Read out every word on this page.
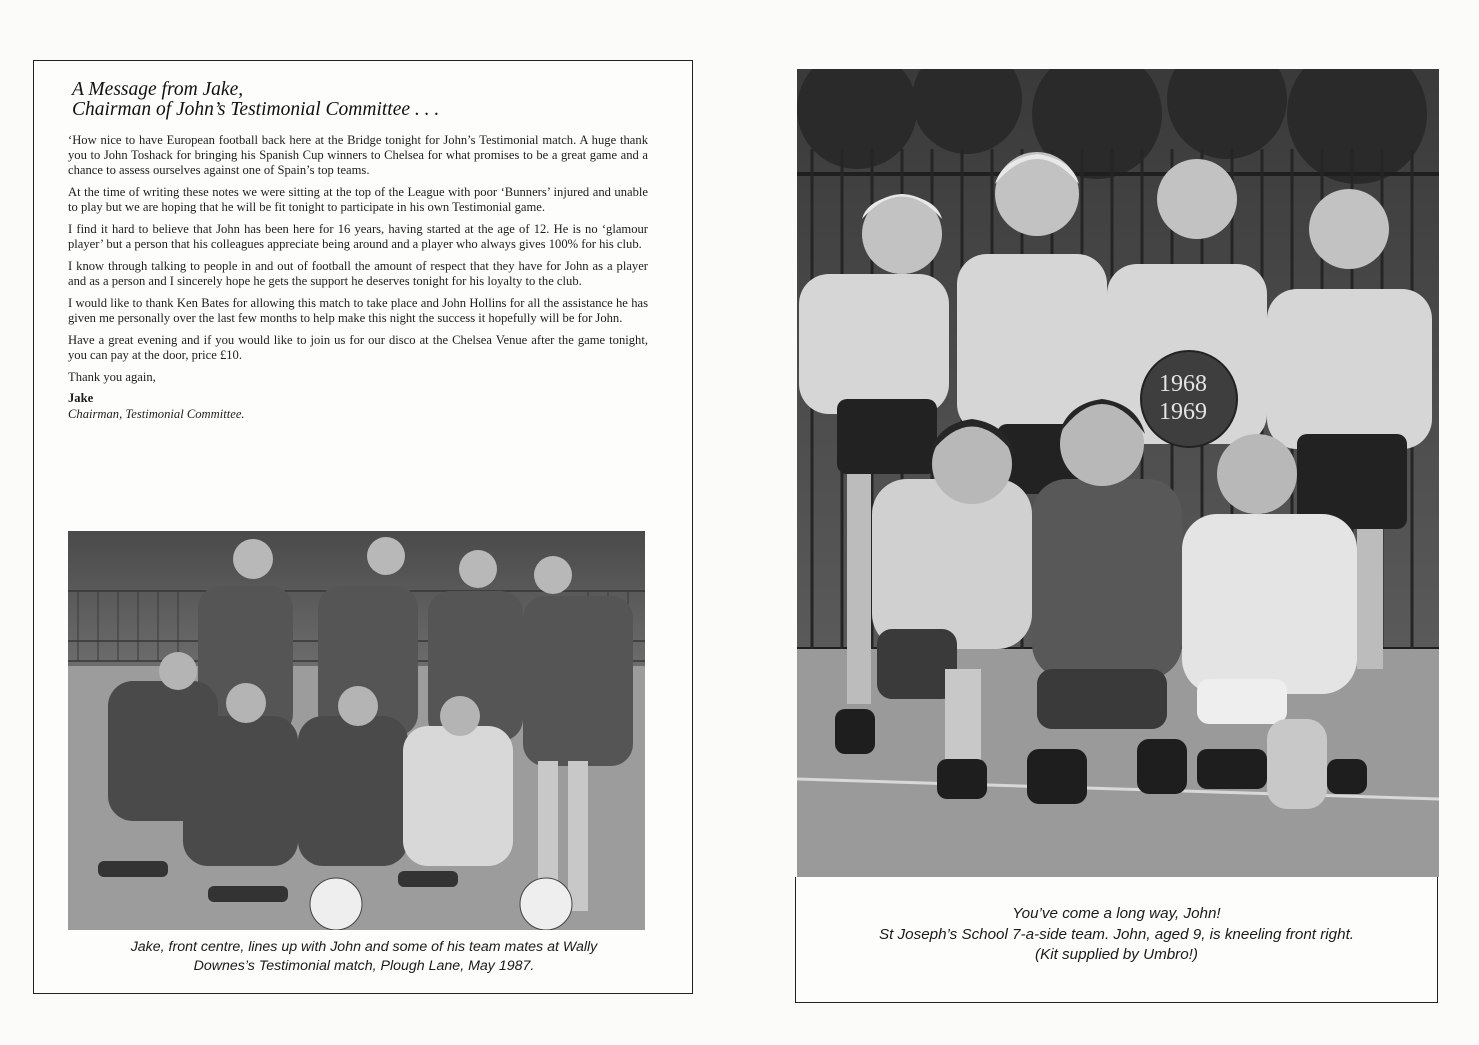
A Message from Jake,
Chairman of John’s Testimonial Committee . . .

‘How nice to have European football back here at the Bridge tonight for John’s Testimonial match. A huge thank you to John Toshack for bringing his Spanish Cup winners to Chelsea for what promises to be a great game and a chance to assess ourselves against one of Spain’s top teams.

At the time of writing these notes we were sitting at the top of the League with poor ‘Bunners’ injured and unable to play but we are hoping that he will be fit tonight to participate in his own Testimonial game.

I find it hard to believe that John has been here for 16 years, having started at the age of 12. He is no ‘glamour player’ but a person that his colleagues appreciate being around and a player who always gives 100% for his club.

I know through talking to people in and out of football the amount of respect that they have for John as a player and as a person and I sincerely hope he gets the support he deserves tonight for his loyalty to the club.

I would like to thank Ken Bates for allowing this match to take place and John Hollins for all the assistance he has given me personally over the last few months to help make this night the success it hopefully will be for John.

Have a great evening and if you would like to join us for our disco at the Chelsea Venue after the game tonight, you can pay at the door, price £10.

Thank you again,

Jake
Chairman, Testimonial Committee.
Jake, front centre, lines up with John and some of his team mates at Wally
Downes’s Testimonial match, Plough Lane, May 1987.
1968
1969
You’ve come a long way, John!
St Joseph’s School 7-a-side team. John, aged 9, is kneeling front right.
(Kit supplied by Umbro!)
